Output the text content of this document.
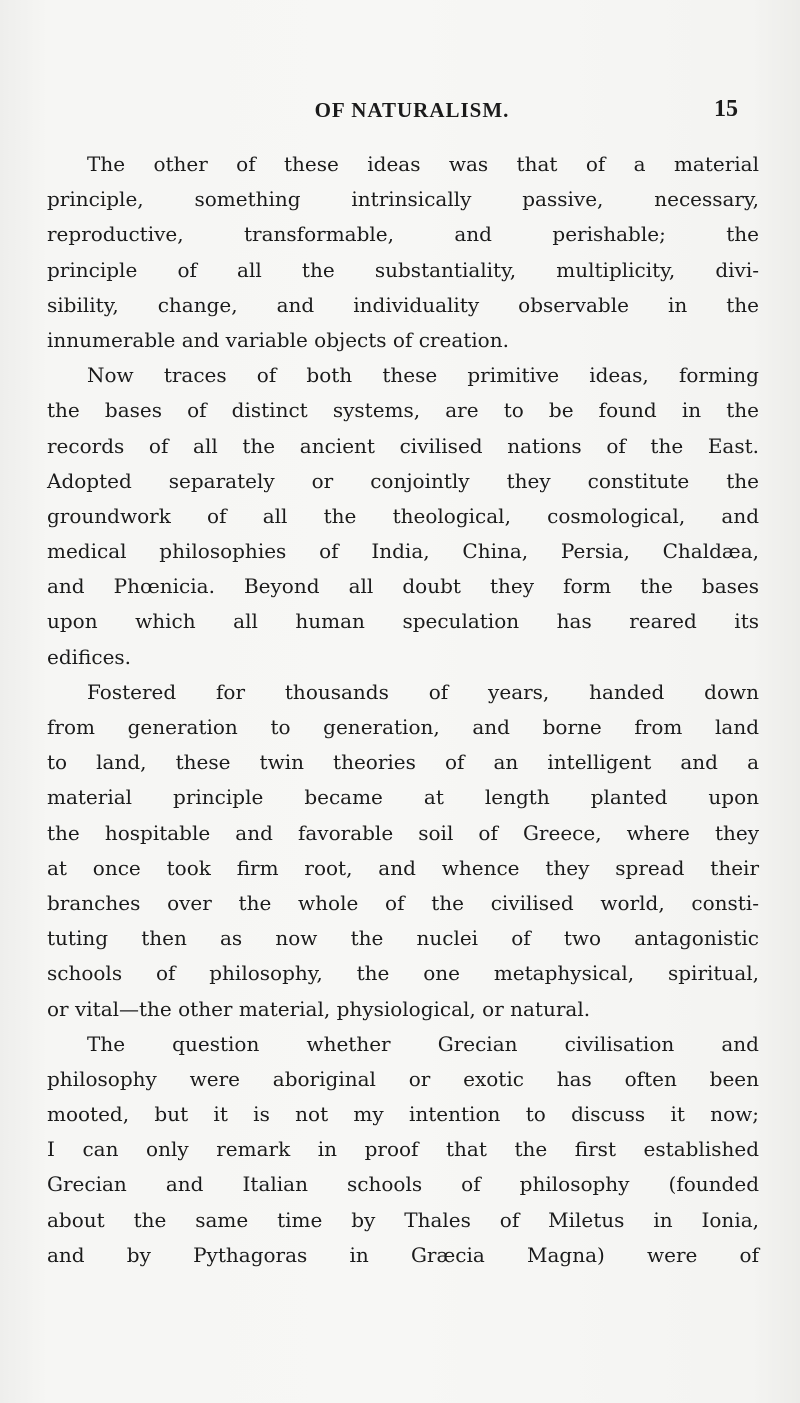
OF NATURALISM.	15
The other of these ideas was that of a material
principle, something intrinsically passive, necessary,
reproductive, transformable, and perishable; the
principle of all the substantiality, multiplicity, divi-
sibility, change, and individuality observable in the
innumerable and variable objects of creation.
Now traces of both these primitive ideas, forming
the bases of distinct systems, are to be found in the
records of all the ancient civilised nations of the East.
Adopted separately or conjointly they constitute the
groundwork of all the theological, cosmological, and
medical philosophies of India, China, Persia, Chaldæa,
and Phœnicia. Beyond all doubt they form the bases
upon which all human speculation has reared its
edifices.
Fostered for thousands of years, handed down
from generation to generation, and borne from land
to land, these twin theories of an intelligent and a
material principle became at length planted upon
the hospitable and favorable soil of Greece, where they
at once took firm root, and whence they spread their
branches over the whole of the civilised world, consti-
tuting then as now the nuclei of two antagonistic
schools of philosophy, the one metaphysical, spiritual,
or vital—the other material, physiological, or natural.
The question whether Grecian civilisation and
philosophy were aboriginal or exotic has often been
mooted, but it is not my intention to discuss it now;
I can only remark in proof that the first established
Grecian and Italian schools of philosophy (founded
about the same time by Thales of Miletus in Ionia,
and by Pythagoras in Græcia Magna) were of
